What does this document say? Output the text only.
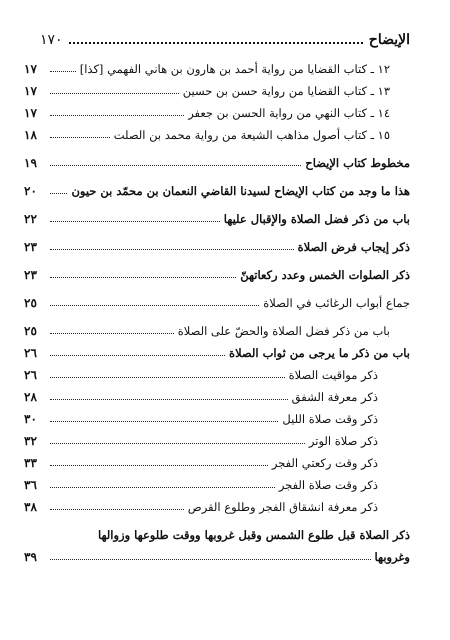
الإيضاح
١٧٠
١٢ ـ كتاب القضايا من رواية أحمد بن هارون بن هاني الفهمي [كذا]
١٧
١٣ ـ كتاب القضايا من رواية حسن بن حسين
١٧
١٤ ـ كتاب النهي من رواية الحسن بن جعفر
١٧
١٥ ـ كتاب أصول مذاهب الشيعة من رواية محمد بن الصلت
١٨
مخطوط كتاب الإيضاح
١٩
هذا ما وجد من كتاب الإيضاح لسيدنا القاضي النعمان بن محمّد بن حيون
٢٠
باب من ذكر فضل الصلاة والإقبال عليها
٢٢
ذكر إيجاب فرض الصلاة
٢٣
ذكر الصلوات الخمس وعدد ركعاتهنّ
٢٣
جماع أبواب الرغائب في الصلاة
٢٥
باب من ذكر فضل الصلاة والحضّ على الصلاة
٢٥
باب من ذكر ما يرجى من ثواب الصلاة
٢٦
ذكر مواقيت الصلاة
٢٦
ذكر معرفة الشفق
٢٨
ذكر وقت صلاة الليل
٣٠
ذكر صلاة الوتر
٣٢
ذكر وقت ركعتي الفجر
٣٣
ذكر وقت صلاة الفجر
٣٦
ذكر معرفة انشقاق الفجر وطلوع القرص
٣٨
ذكر الصلاة قبل طلوع الشمس وقبل غروبها ووقت طلوعها وزوالها
وغروبها
٣٩
